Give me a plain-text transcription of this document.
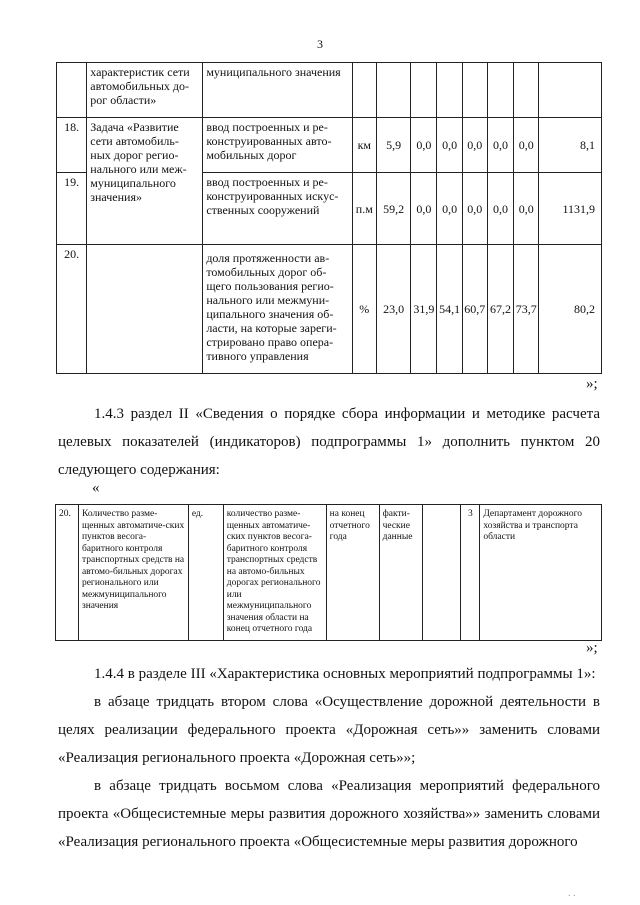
3
	характеристик сети автомобильных до-рог области»	муниципального значения								
18.	Задача «Развитие сети автомобиль-ных дорог регио-нального или меж-муниципального значения»	ввод построенных и ре-конструированных авто-мобильных дорог	км	5,9	0,0	0,0	0,0	0,0	0,0	8,1
19.		ввод построенных и ре-конструированных искус-ственных сооружений	п.м	59,2	0,0	0,0	0,0	0,0	0,0	1131,9
20.		доля протяженности ав-томобильных дорог об-щего пользования регио-нального или межмуни-ципального значения об-ласти, на которые зареги-стрировано право опера-тивного управления	%	23,0	31,9	54,1	60,7	67,2	73,7	80,2
»;
1.4.3 раздел II «Сведения о порядке сбора информации и методике расчета целевых показателей (индикаторов) подпрограммы 1» дополнить пунктом 20 следующего содержания:
«
20.	Количество разме-щенных автоматиче-ских пунктов весога-баритного контроля транспортных средств на автомо-бильных дорогах регионального или межмуниципального значения	ед.	количество разме-щенных автоматиче-ских пунктов весога-баритного контроля транспортных средств на автомо-бильных дорогах регионального или межмуниципального значения области на конец отчетного года	на конец отчетного года	факти-ческие данные		3	Департамент дорожного хозяйства и транспорта области
»;
1.4.4 в разделе III «Характеристика основных мероприятий подпрограммы 1»:
в абзаце тридцать втором слова «Осуществление дорожной деятельности в целях реализации федерального проекта «Дорожная сеть»» заменить словами «Реализация регионального проекта «Дорожная сеть»»;
в абзаце тридцать восьмом слова «Реализация мероприятий федерального проекта «Общесистемные меры развития дорожного хозяйства»» заменить словами «Реализация регионального проекта «Общесистемные меры развития дорожного
. .
